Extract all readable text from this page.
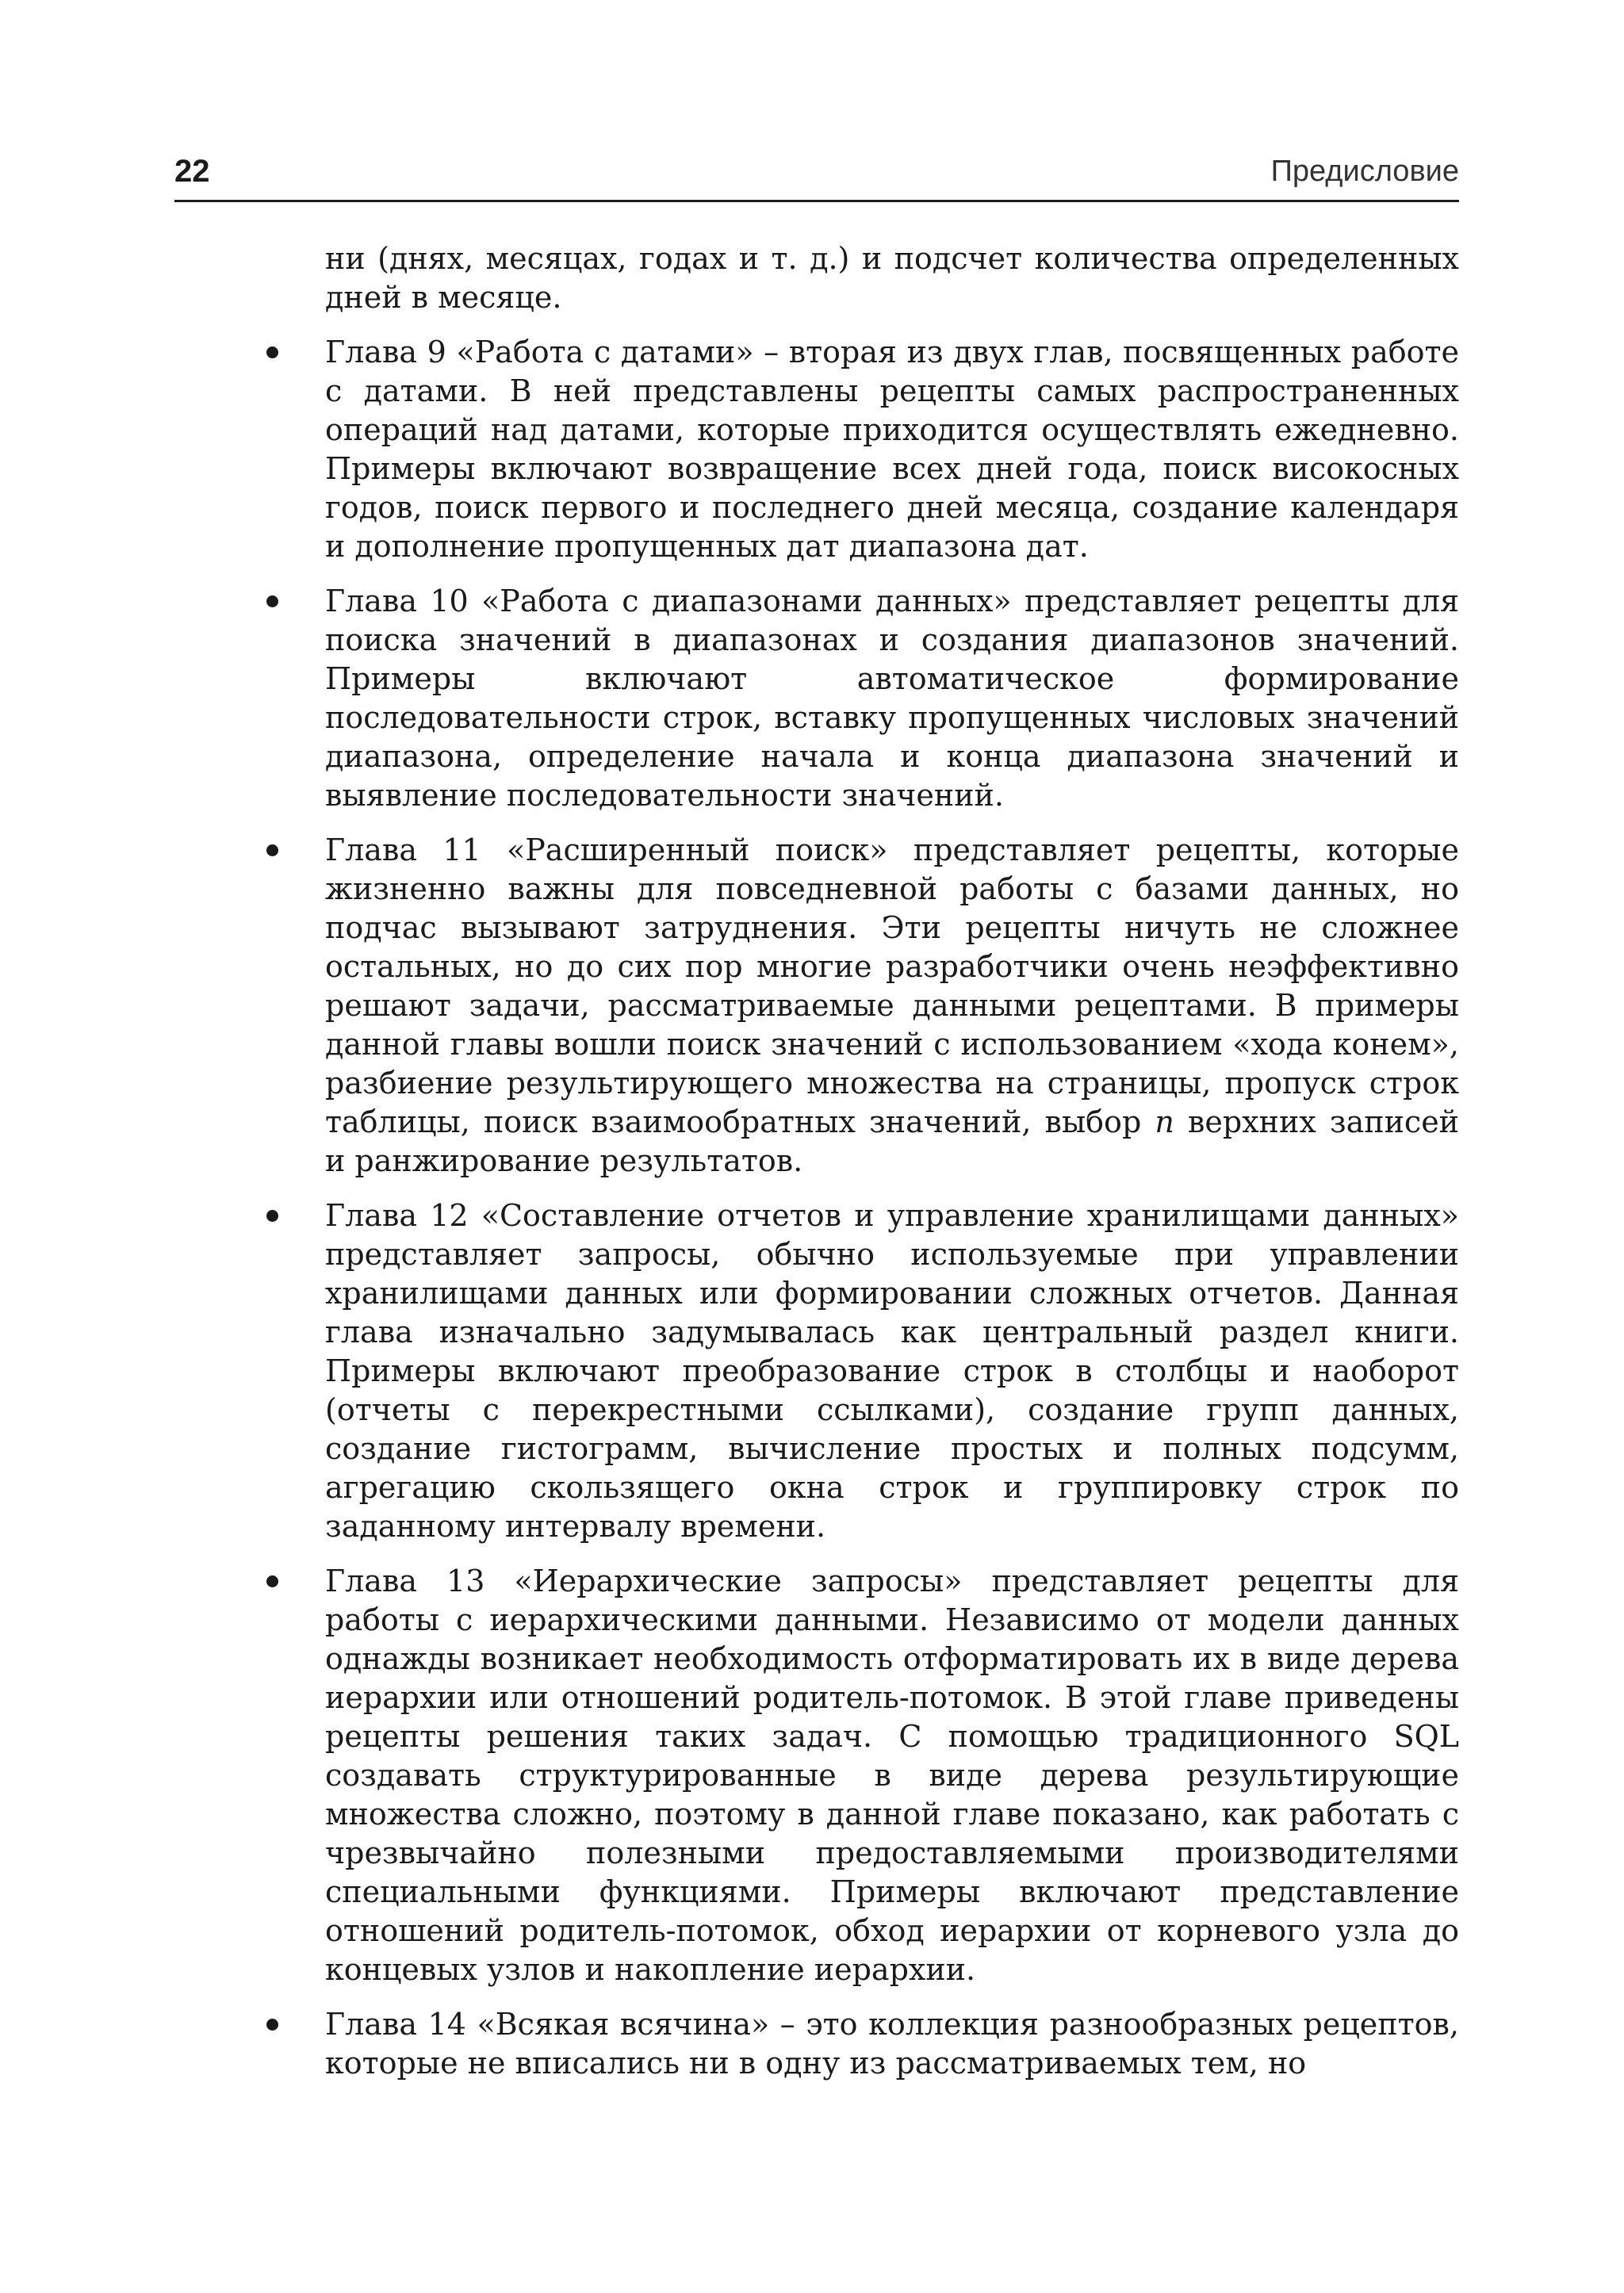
22	Предисловие

ни (днях, месяцах, годах и т. д.) и подсчет количества определенных дней в месяце.

Глава 9 «Работа с датами» – вторая из двух глав, посвященных работе с датами. В ней представлены рецепты самых распространенных операций над датами, которые приходится осуществлять ежедневно. Примеры включают возвращение всех дней года, поиск високосных годов, поиск первого и последнего дней месяца, создание календаря и дополнение пропущенных дат диапазона дат.
Глава 10 «Работа с диапазонами данных» представляет рецепты для поиска значений в диапазонах и создания диапазонов значений. Примеры включают автоматическое формирование последовательности строк, вставку пропущенных числовых значений диапазона, определение начала и конца диапазона значений и выявление последовательности значений.
Глава 11 «Расширенный поиск» представляет рецепты, которые жизненно важны для повседневной работы с базами данных, но подчас вызывают затруднения. Эти рецепты ничуть не сложнее остальных, но до сих пор многие разработчики очень неэффективно решают задачи, рассматриваемые данными рецептами. В примеры данной главы вошли поиск значений с использованием «хода конем», разбиение результирующего множества на страницы, пропуск строк таблицы, поиск взаимообратных значений, выбор n верхних записей и ранжирование результатов.
Глава 12 «Составление отчетов и управление хранилищами данных» представляет запросы, обычно используемые при управлении хранилищами данных или формировании сложных отчетов. Данная глава изначально задумывалась как центральный раздел книги. Примеры включают преобразование строк в столбцы и наоборот (отчеты с перекрестными ссылками), создание групп данных, создание гистограмм, вычисление простых и полных подсумм, агрегацию скользящего окна строк и группировку строк по заданному интервалу времени.
Глава 13 «Иерархические запросы» представляет рецепты для работы с иерархическими данными. Независимо от модели данных однажды возникает необходимость отформатировать их в виде дерева иерархии или отношений родитель-потомок. В этой главе приведены рецепты решения таких задач. С помощью традиционного SQL создавать структурированные в виде дерева результирующие множества сложно, поэтому в данной главе показано, как работать с чрезвычайно полезными предоставляемыми производителями специальными функциями. Примеры включают представление отношений родитель-потомок, обход иерархии от корневого узла до концевых узлов и накопление иерархии.
Глава 14 «Всякая всячина» – это коллекция разнообразных рецептов, которые не вписались ни в одну из рассматриваемых тем, но
